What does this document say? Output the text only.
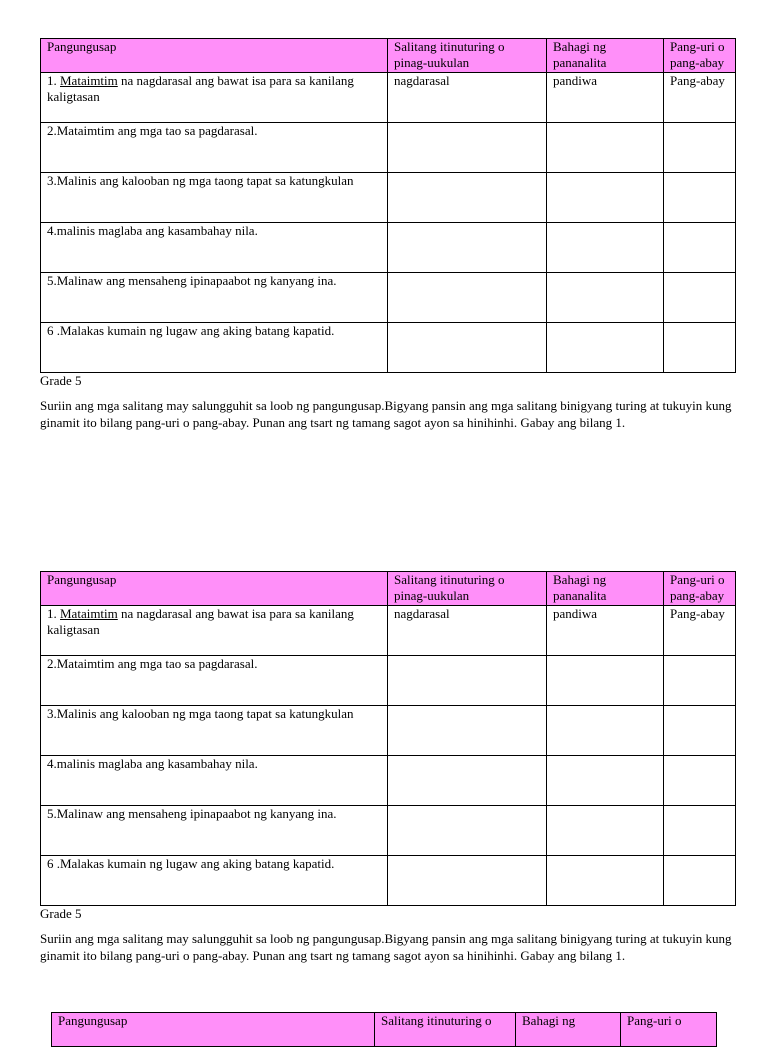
Pangungusap	Salitang itinuturing o pinag-uukulan	Bahagi ng pananalita	Pang-uri o pang-abay
1. Mataimtim na nagdarasal ang bawat isa para sa kanilang kaligtasan	nagdarasal	pandiwa	Pang-abay
2.Mataimtim ang mga tao sa pagdarasal.			
3.Malinis ang kalooban ng mga taong tapat sa katungkulan			
4.malinis maglaba ang kasambahay nila.			
5.Malinaw ang mensaheng ipinapaabot ng kanyang ina.			
6 .Malakas kumain ng lugaw ang aking batang kapatid.			

Grade 5

Suriin ang mga salitang may salungguhit sa loob ng pangungusap.Bigyang pansin ang mga salitang binigyang turing at tukuyin kung ginamit ito bilang pang-uri o pang-abay. Punan ang tsart ng tamang sagot ayon sa hinihinhi. Gabay ang bilang 1.

Pangungusap	Salitang itinuturing o pinag-uukulan	Bahagi ng pananalita	Pang-uri o pang-abay
1. Mataimtim na nagdarasal ang bawat isa para sa kanilang kaligtasan	nagdarasal	pandiwa	Pang-abay
2.Mataimtim ang mga tao sa pagdarasal.			
3.Malinis ang kalooban ng mga taong tapat sa katungkulan			
4.malinis maglaba ang kasambahay nila.			
5.Malinaw ang mensaheng ipinapaabot ng kanyang ina.			
6 .Malakas kumain ng lugaw ang aking batang kapatid.			

Grade 5

Suriin ang mga salitang may salungguhit sa loob ng pangungusap.Bigyang pansin ang mga salitang binigyang turing at tukuyin kung ginamit ito bilang pang-uri o pang-abay. Punan ang tsart ng tamang sagot ayon sa hinihinhi. Gabay ang bilang 1.

Pangungusap	Salitang itinuturing o	Bahagi ng	Pang-uri o
